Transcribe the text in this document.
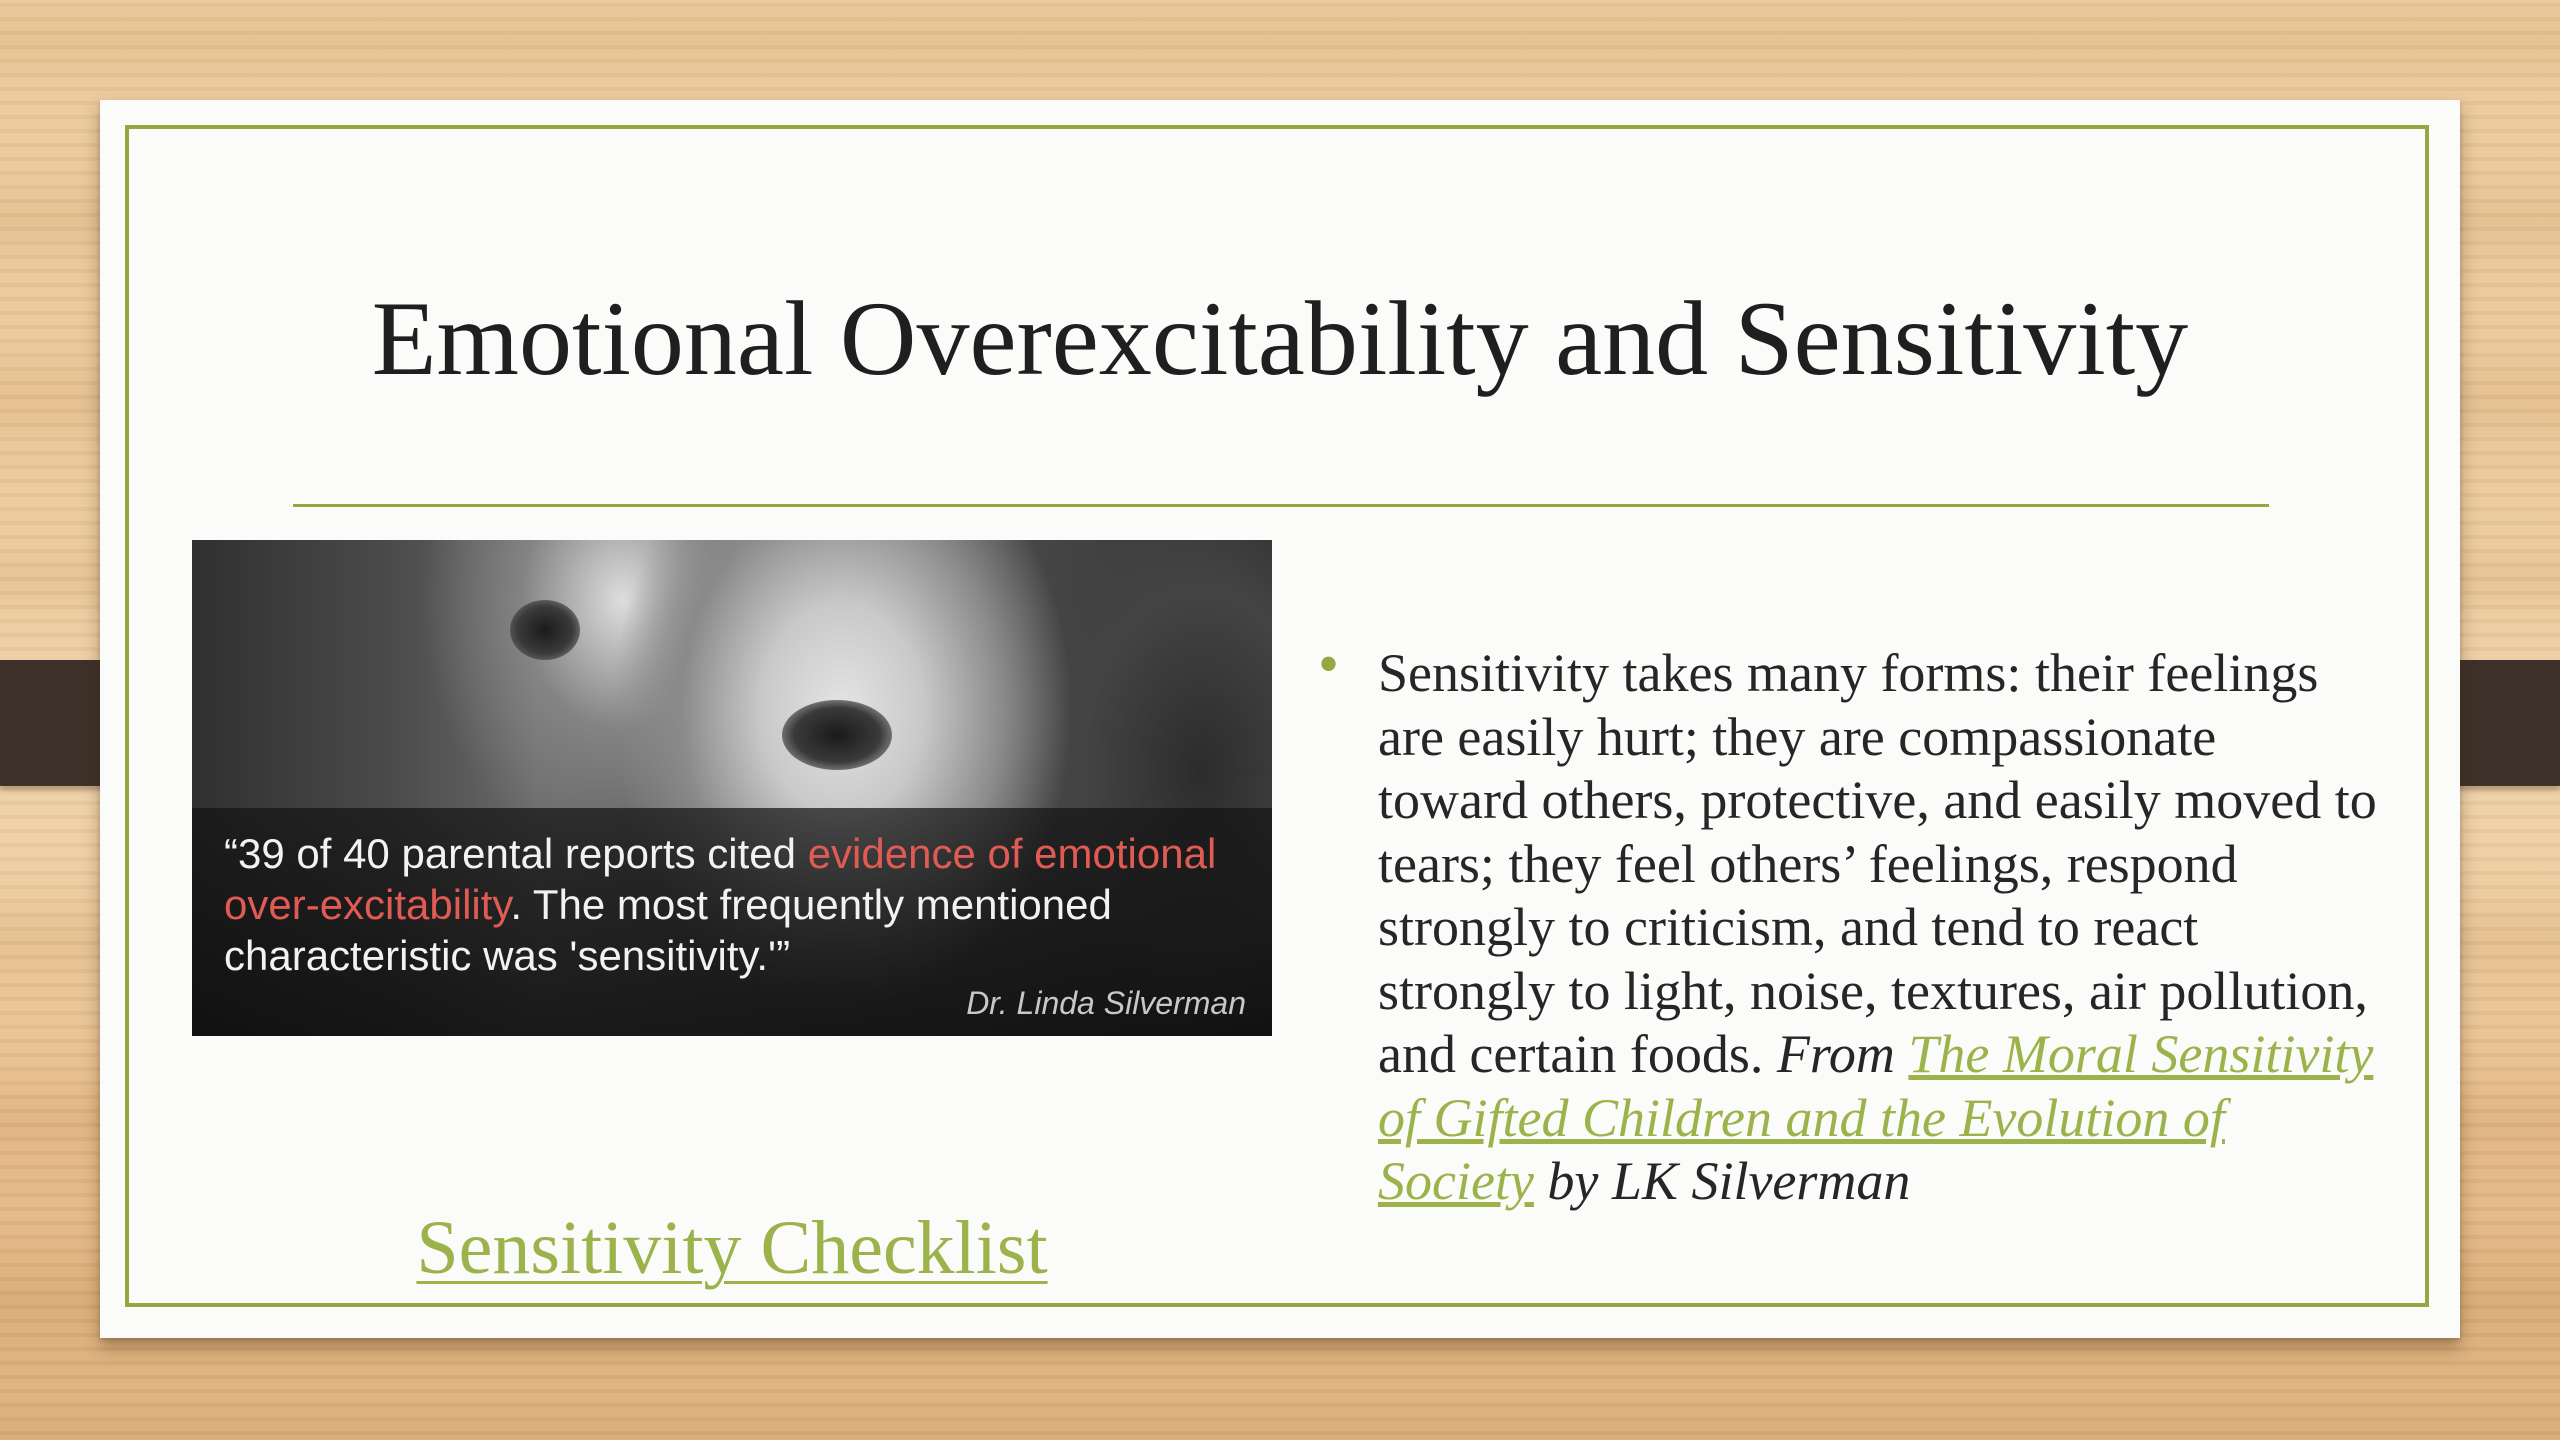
Emotional Overexcitability and Sensitivity
“39 of 40 parental reports cited evidence of emotional over-excitability. The most frequently mentioned characteristic was 'sensitivity.'”
Dr. Linda Silverman
Sensitivity Checklist
• Sensitivity takes many forms: their feelings are easily hurt; they are compassionate toward others, protective, and easily moved to tears; they feel others’ feelings, respond strongly to criticism, and tend to react strongly to light, noise, textures, air pollution, and certain foods. From The Moral Sensitivity of Gifted Children and the Evolution of Society by LK Silverman
